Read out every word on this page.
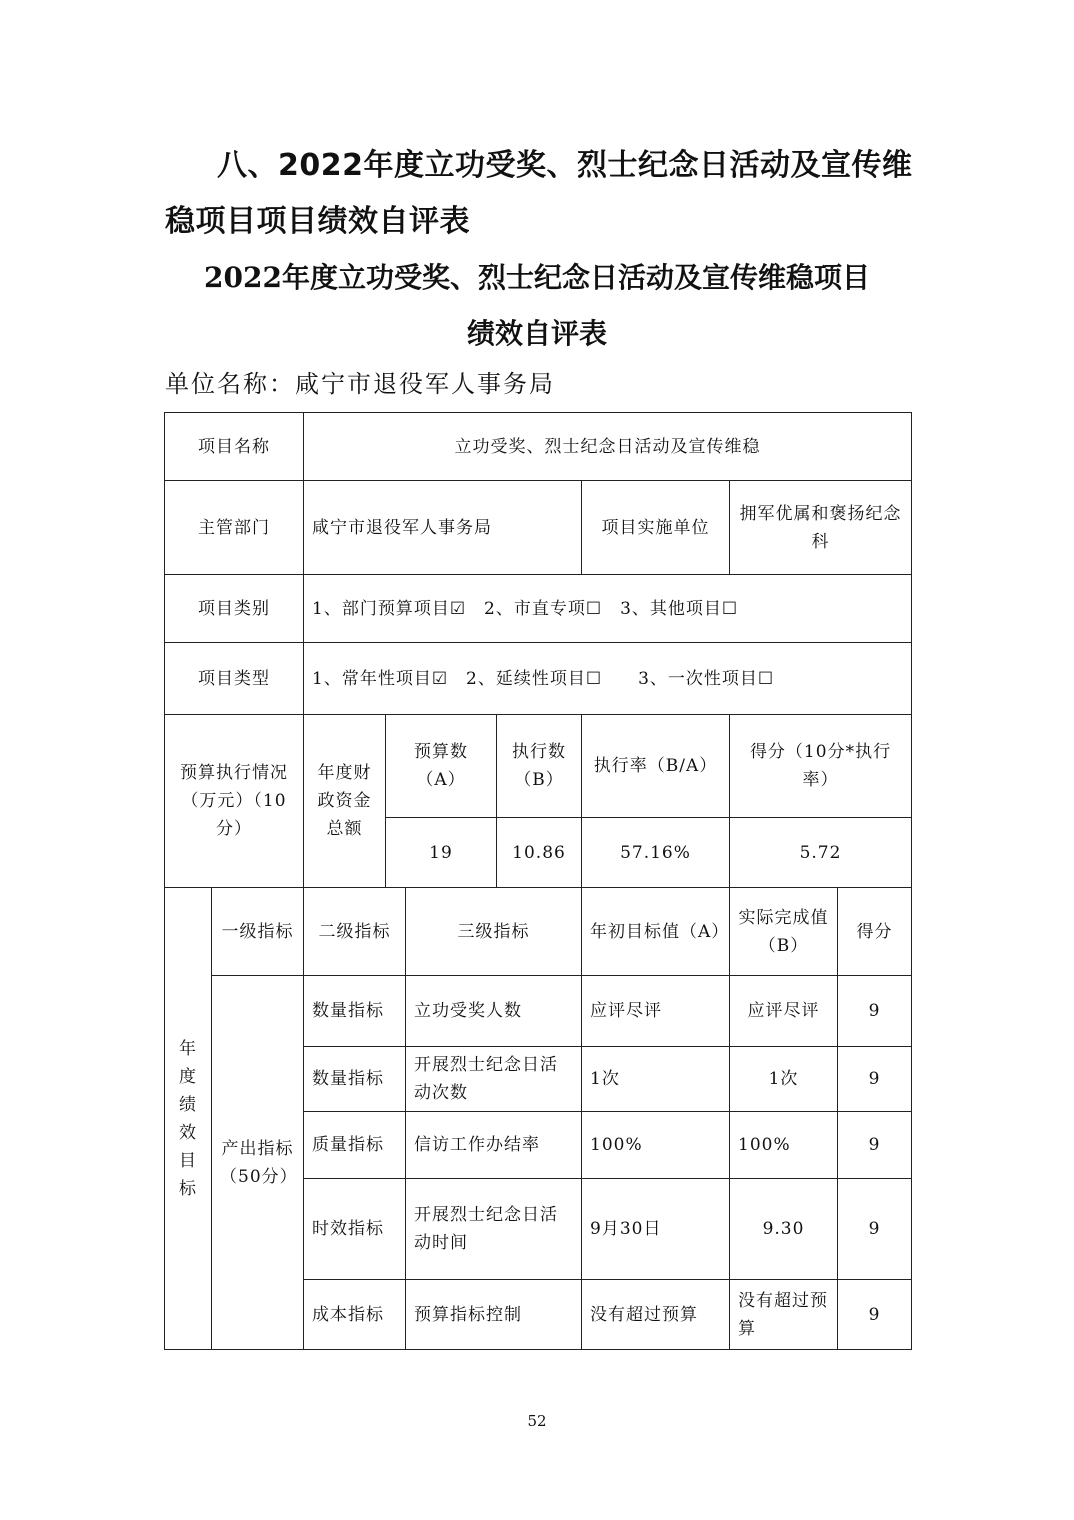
八、2022年度立功受奖、烈士纪念日活动及宣传维稳项目项目绩效自评表
2022年度立功受奖、烈士纪念日活动及宣传维稳项目
绩效自评表
单位名称：咸宁市退役军人事务局
项目名称		立功受奖、烈士纪念日活动及宣传维稳						
主管部门		咸宁市退役军人事务局				项目实施单位	拥军优属和褒扬纪念科	
项目类别		1、部门预算项目☑　2、市直专项☐　3、其他项目☐						
项目类型		1、常年性项目☑　2、延续性项目☐　　3、一次性项目☐						
预算执行情况（万元）（10分）		年度财政资金总额	预算数（A）		执行数（B）	执行率（B/A）	得分（10分*执行率）	
			19		10.86	57.16%	5.72	
年度绩效目标	一级指标	二级指标		三级指标		年初目标值（A）	实际完成值（B）	得分
	产出指标（50分）	数量指标		立功受奖人数		应评尽评	应评尽评	9
		数量指标		开展烈士纪念日活动次数		1次	1次	9
		质量指标		信访工作办结率		100%	100%	9
		时效指标		开展烈士纪念日活动时间		9月30日	9.30	9
		成本指标		预算指标控制		没有超过预算	没有超过预算	9
52
